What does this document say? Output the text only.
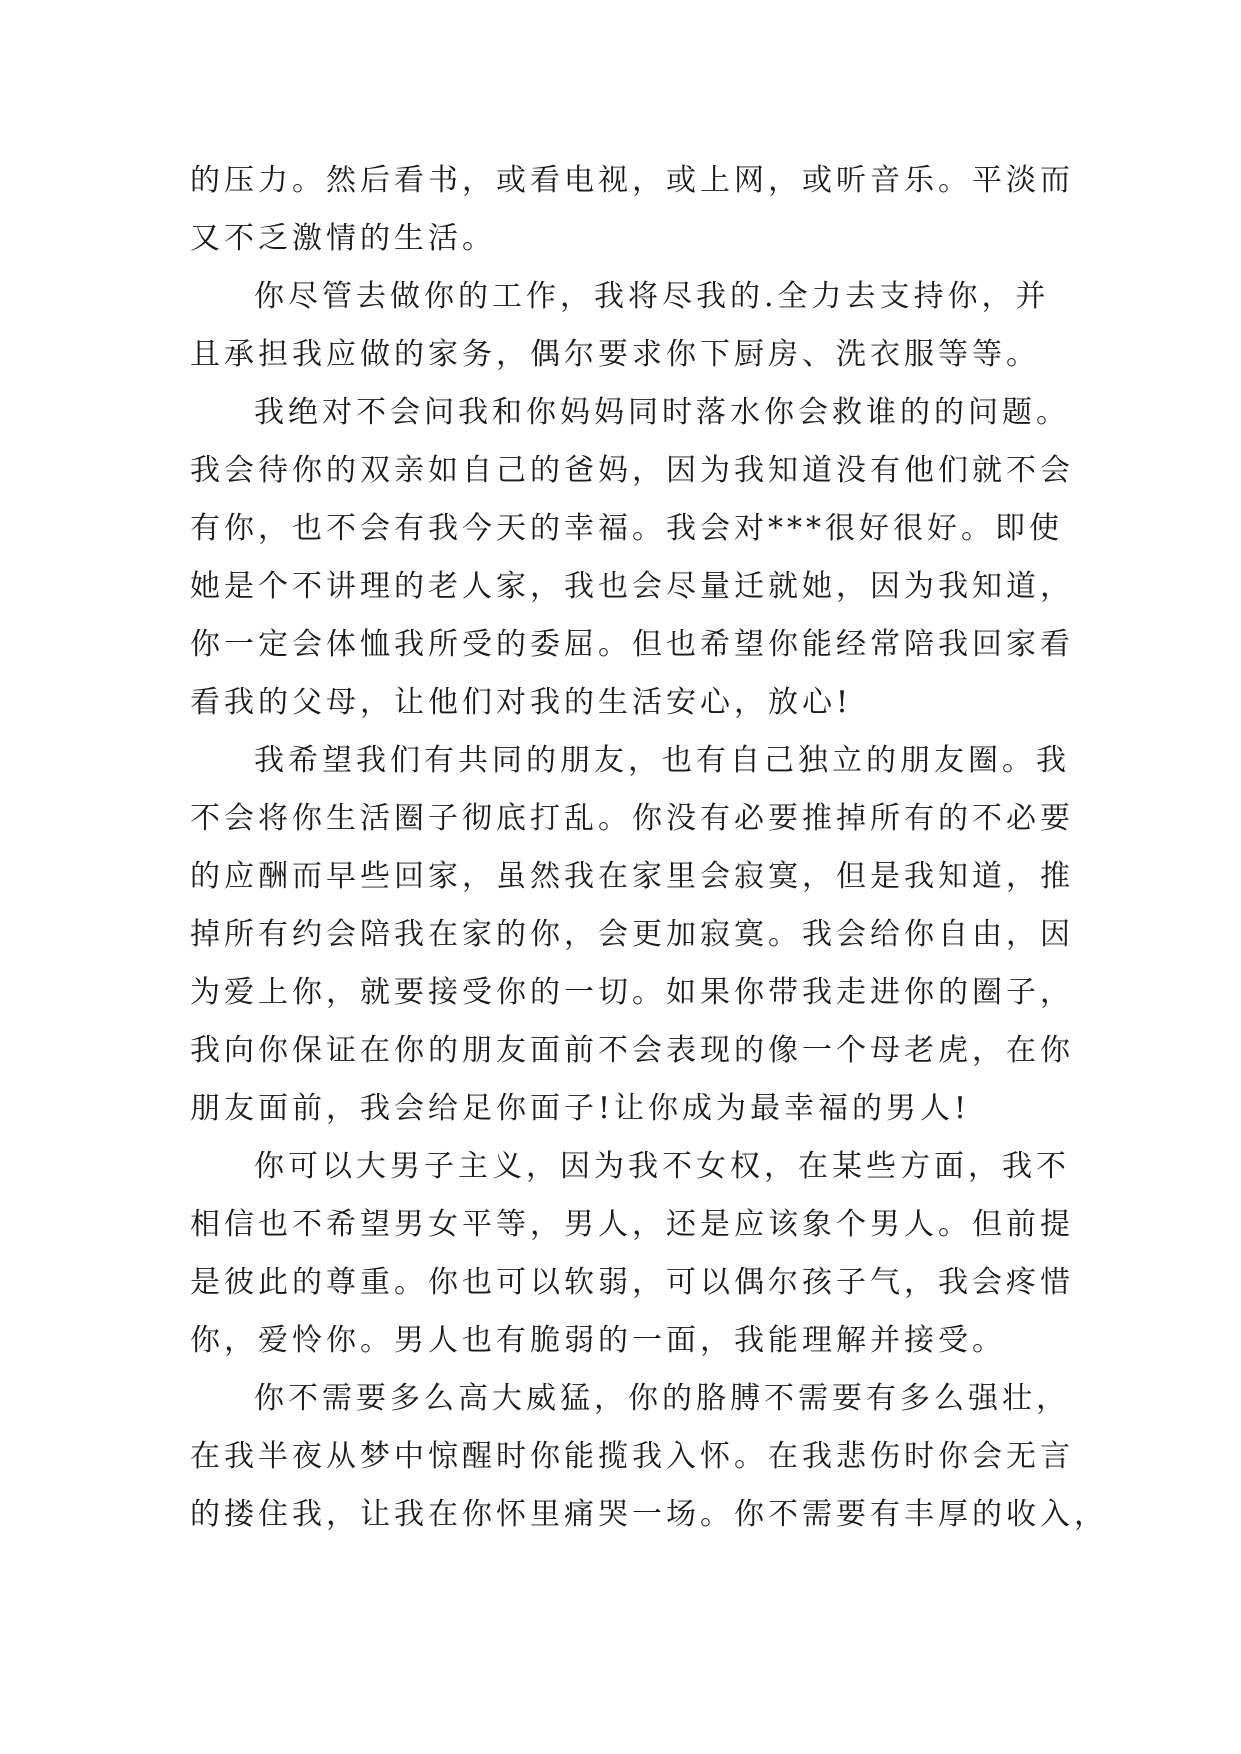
的压力。然后看书，或看电视，或上网，或听音乐。平淡而
又不乏激情的生活。
你尽管去做你的工作，我将尽我的.全力去支持你，并
且承担我应做的家务，偶尔要求你下厨房、洗衣服等等。
我绝对不会问我和你妈妈同时落水你会救谁的的问题。
我会待你的双亲如自己的爸妈，因为我知道没有他们就不会
有你，也不会有我今天的幸福。我会对***很好很好。即使
她是个不讲理的老人家，我也会尽量迁就她，因为我知道，
你一定会体恤我所受的委屈。但也希望你能经常陪我回家看
看我的父母，让他们对我的生活安心，放心!
我希望我们有共同的朋友，也有自己独立的朋友圈。我
不会将你生活圈子彻底打乱。你没有必要推掉所有的不必要
的应酬而早些回家，虽然我在家里会寂寞，但是我知道，推
掉所有约会陪我在家的你，会更加寂寞。我会给你自由，因
为爱上你，就要接受你的一切。如果你带我走进你的圈子，
我向你保证在你的朋友面前不会表现的像一个母老虎，在你
朋友面前，我会给足你面子!让你成为最幸福的男人!
你可以大男子主义，因为我不女权，在某些方面，我不
相信也不希望男女平等，男人，还是应该象个男人。但前提
是彼此的尊重。你也可以软弱，可以偶尔孩子气，我会疼惜
你，爱怜你。男人也有脆弱的一面，我能理解并接受。
你不需要多么高大威猛，你的胳膊不需要有多么强壮，
在我半夜从梦中惊醒时你能揽我入怀。在我悲伤时你会无言
的搂住我，让我在你怀里痛哭一场。你不需要有丰厚的收入，
